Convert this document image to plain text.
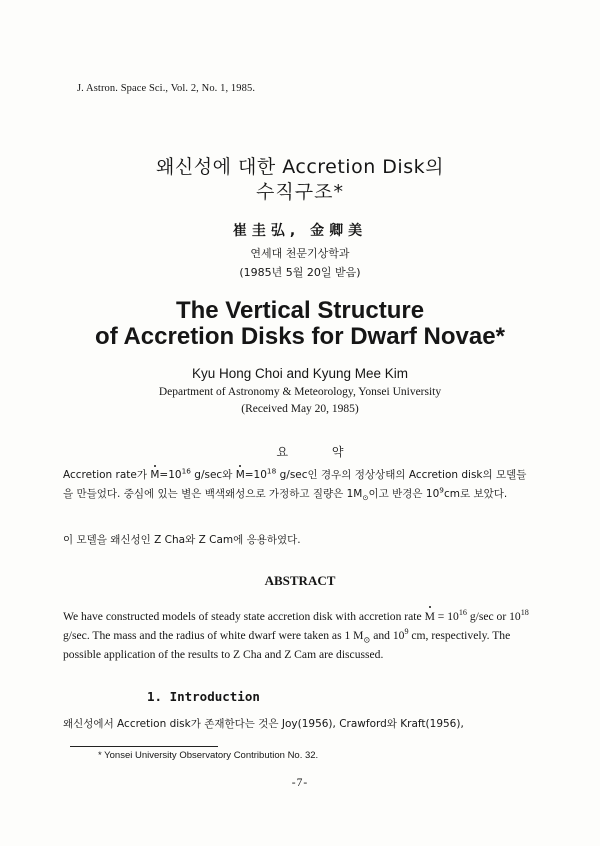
J. Astron. Space Sci., Vol. 2, No. 1, 1985.
왜신성에 대한 Accretion Disk의
수직구조*
崔圭弘, 金卿美
연세대 천문기상학과
(1985년 5월 20일 받음)
The Vertical Structure
of Accretion Disks for Dwarf Novae*
Kyu Hong Choi and Kyung Mee Kim
Department of Astronomy & Meteorology, Yonsei University
(Received May 20, 1985)
요 약
Accretion rate가 $M=10^{16}$ g/sec와 $M=10^{18}$ g/sec인 경우의 정상상태의 Accretion disk의 모델들을 만들었다. 중심에 있는 별은 백색왜성으로 가정하고 질량은 $1M_⊙$이고 반경은 $10^9cm$로 보았다.
이 모델을 왜신성인 Z Cha와 Z Cam에 응용하였다.
ABSTRACT
We have constructed models of steady state accretion disk with accretion rate $M = 10^{16}$ g/sec or $10^{18}$ g/sec. The mass and the radius of white dwarf were taken as 1 $M_⊙$ and $10^9$ cm, respectively. The possible application of the results to Z Cha and Z Cam are discussed.
1. Introduction
왜신성에서 Accretion disk가 존재한다는 것은 Joy(1956), Crawford와 Kraft(1956),
* Yonsei University Observatory Contribution No. 32.
-7-
